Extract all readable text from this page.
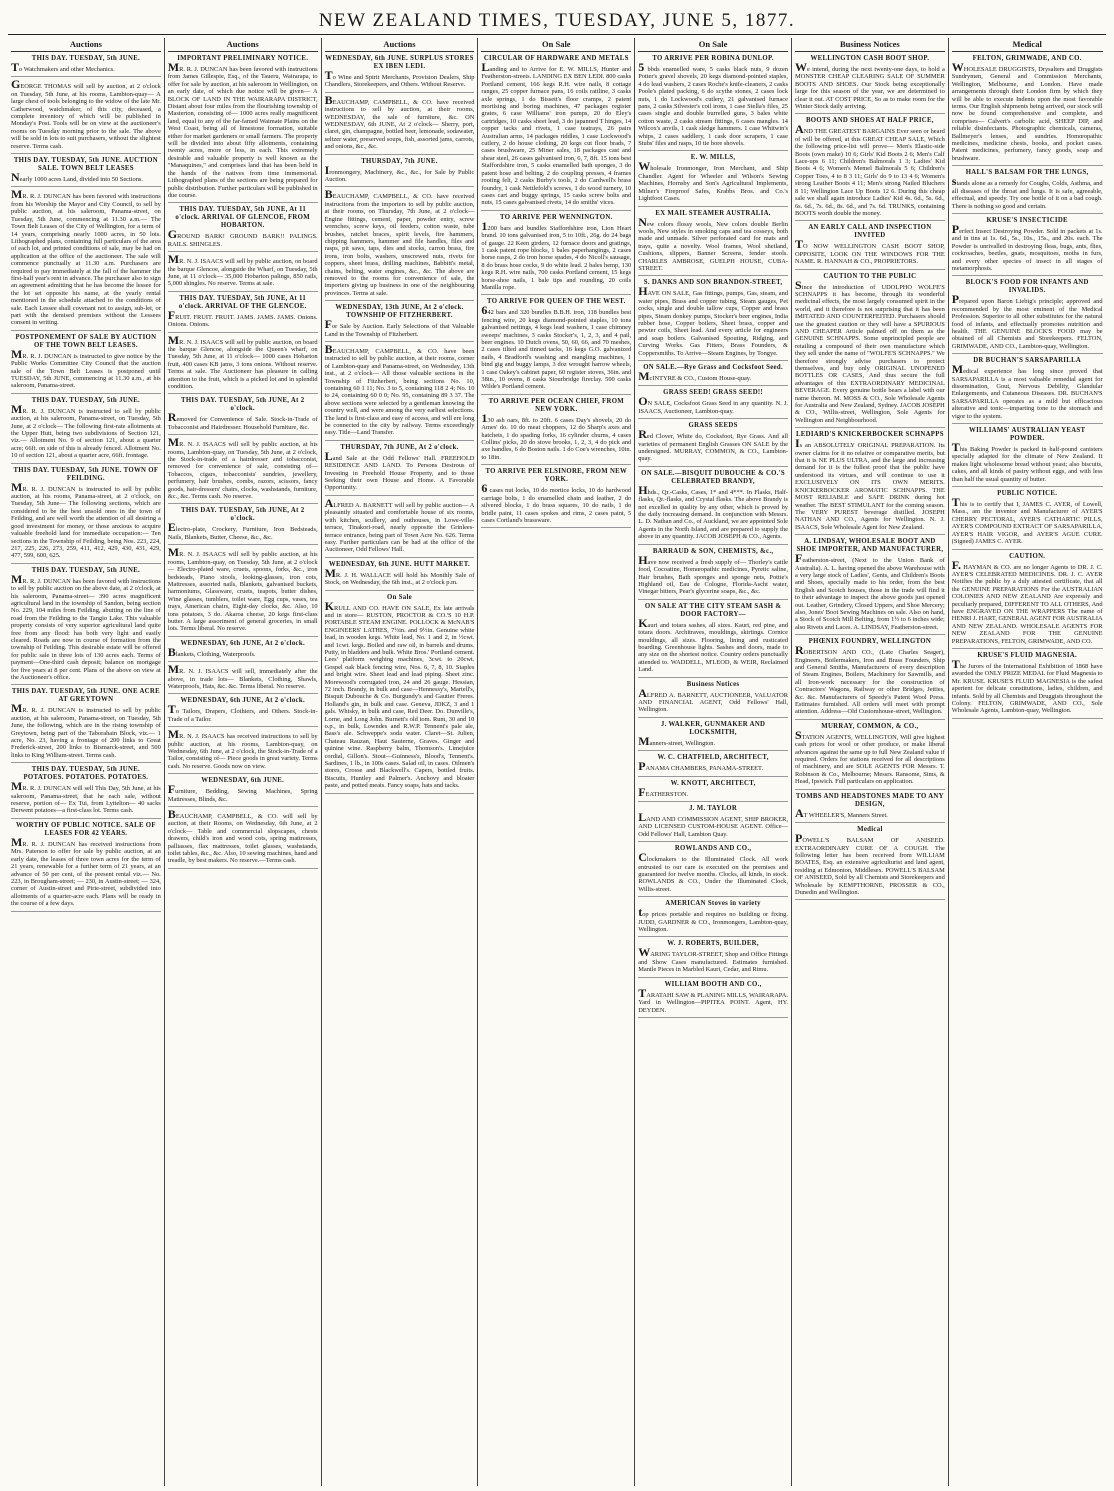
NEW ZEALAND TIMES, TUESDAY, JUNE 5, 1877.
Auctions
THIS DAY. TUESDAY, 5th JUNE.

To Watchmakers and other Mechanics.

GEORGE THOMAS will sell by auction, at 2 o'clock on Tuesday, 5th June, at his rooms, Lambton-quay— A large chest of tools belonging to the widow of the late Mr. Catherwood, watchmaker, of this city, deceased, a complete inventory of which will be published in Monday's Post. Tools will be on view at the auctioneer's rooms on Tuesday morning prior to the sale. The above will be sold in lots to suit purchasers, without the slightest reserve. Terms cash.

THIS DAY. TUESDAY, 5th JUNE. AUCTION SALE. TOWN BELT LEASES

Nearly 1000 acres Land, divided into 50 Sections.

MR. R. J. DUNCAN has been favored with instructions from his Worship the Mayor and City Council, to sell by public auction, at his saleroom, Panama-street, on Tuesday, 5th June, commencing at 11.30 a.m.— The Town Belt Leases of the City of Wellington, for a term of 14 years, comprising nearly 1000 acres, in 50 lots. Lithographed plans, containing full particulars of the area of each lot, and printed conditions of sale, may be had on application at the office of the auctioneer. The sale will commence punctually at 11.30 a.m. Purchasers are required to pay immediately at the fall of the hammer the first-half year's rent in advance. The purchaser also to sign an agreement admitting that he has become the lessee for the lot set opposite his name, at the yearly rental mentioned in the schedule attached to the conditions of sale. Each Lessee shall covenant not to assign, sub-let, or part with the demised premises without the Lessees consent in writing.

POSTPONEMENT OF SALE BY AUCTION OF THE TOWN BELT LEASES.

MR. R. J. DUNCAN is instructed to give notice by the Public Works Committee City Council that the auction sale of the Town Belt Leases is postponed until TUESDAY, 5th JUNE, commencing at 11.30 a.m., at his saleroom, Panama-street.

THIS DAY. TUESDAY, 5th JUNE.

MR. R. J. DUNCAN is instructed to sell by public auction, at his saleroom, Panama-street, on Tuesday, 5th June, at 2 o'clock— The following first-rate allotments at the Upper Hutt, being two subdivisions of Section 121, viz.— Allotment No. 9 of section 121, about a quarter acre; 66ft. on side of this is already fenced. Allotment No. 10 of section 121, about a quarter acre, 66ft. frontage.

THIS DAY. TUESDAY, 5th JUNE. TOWN OF FEILDING.

MR. R. J. DUNCAN is instructed to sell by public auction, at his rooms, Panama-street, at 2 o'clock, on Tuesday, 5th June— The following sections, which are considered to be the best unsold ones in the town of Feilding, and are well worth the attention of all desiring a good investment for money, or those anxious to acquire valuable freehold land for immediate occupation:— Ten sections in the Township of Feilding, being Nos. 223, 224, 217, 225, 226, 273, 259, 411, 412, 429, 430, 431, 429, 477, 599, 600, 625.

THIS DAY. TUESDAY, 5th JUNE.

MR. R. J. DUNCAN has been favored with instructions to sell by public auction on the above date, at 2 o'clock, at his saleroom, Panama-street— 390 acres magnificent agricultural land in the township of Sandon, being section No. 229, 104 miles from Feilding, abutting on the line of road from the Feilding to the Tangio Lake. This valuable property consists of very superior agricultural land quite free from any flood: has both very light and easily cleared. Roads are now in course of formation from the township of Feilding. This desirable estate will be offered for public sale in three lots of 130 acres each. Terms of payment—One-third cash deposit; balance on mortgage for five years at 8 per cent. Plans of the above on view at the Auctioneer's office.

THIS DAY. TUESDAY, 5th JUNE. ONE ACRE AT GREYTOWN

MR. R. J. DUNCAN is instructed to sell by public auction, at his saleroom, Panama-street, on Tuesday, 5th June, the following, which are in the rising township of Greytown, being part of the Taborahain Block, viz.— 1 acre, No. 23, having a frontage of 200 links to Great Frederick-street, 200 links to Bismarck-street, and 500 links to King William-street. Terms cash.

THIS DAY. TUESDAY, 5th JUNE. POTATOES. POTATOES. POTATOES.

MR. R. J. DUNCAN will sell This Day, 5th June, at his saleroom, Panama-street, that he each sale, without reserve, portion of— Ex Tui, from Lyttelton— 40 sacks Derwent potatoes—a first-class lot. Terms cash.

WORTHY OF PUBLIC NOTICE. SALE OF LEASES FOR 42 YEARS.

MR. R. J. DUNCAN has received instructions from Mrs. Paterson to offer for sale by public auction, at an early date, the leases of three town acres for the term of 21 years, renewable for a further term of 21 years, at an advance of 50 per cent, of the present rental viz.— No. 223, in Brougham-street; — 230, in Austin-street; — 324, corner of Austin-street and Pirie-street, subdivided into allotments of a quarter-acre each. Plans will be ready in the course of a few days.

Auctions
IMPORTANT PRELIMINARY NOTICE.

MR. R. J. DUNCAN has been favored with instructions from James Gillespie, Esq., of the Taueru, Wairarapa, to offer for sale by auction, at his saleroom in Wellington, on an early date, of which due notice will be given— A BLOCK OF LAND IN THE WAIRARAPA DISTRICT, Distant about four miles from the flourishing township of Masterton, consisting of— 1000 acres really magnificent land, equal to any of the far-famed Waimate Plains on the West Coast, being all of limestone formation, suitable either for market gardeners or small farmers. The property will be divided into about fifty allotments, containing twenty acres, more or less, in each. This extremely desirable and valuable property is well known as the "Manaquines," and comprises land that has been held in the hands of the natives from time immemorial. Lithographed plans of the sections are being prepared for public distribution. Further particulars will be published in due course.

THIS DAY. TUESDAY, 5th JUNE, At 11 o'clock. ARRIVAL OF GLENCOE, FROM HOBARTON.

GROUND BARK! GROUND BARK!! PALINGS. RAILS. SHINGLES.

MR. N. J. ISAACS will sell by public auction, on board the barque Glencoe, alongside the Wharf, on Tuesday, 5th June, at 11 o'clock— 35,000 Hobarton palings, 850 rails, 5,000 shingles. No reserve. Terms at sale.

THIS DAY. TUESDAY, 5th JUNE, At 11 o'clock. ARRIVAL OF THE GLENCOE.

FRUIT. FRUIT. FRUIT. JAMS. JAMS. JAMS. Onions. Onions. Onions.

MR. N. J. ISAACS will sell by public auction, on board the barque Glencoe, alongside the Queen's wharf, on Tuesday, 5th June, at 11 o'clock— 1000 cases Hobarton fruit, 400 cases KB jams, 3 tons onions. Without reserve. Terms at sale. The Auctioneer has pleasure in calling attention to the fruit, which is a picked lot and in splendid condition.

THIS DAY. TUESDAY, 5th JUNE, At 2 o'clock.

Removed for Convenience of Sale. Stock-in-Trade of Tobacconist and Hairdresser. Household Furniture, &c.

MR. N. J. ISAACS will sell by public auction, at his rooms, Lambton-quay, on Tuesday, 5th June, at 2 o'clock, the Stock-in-trade of a hairdresser and tobacconist, removed for convenience of sale, consisting of— Tobaccos, cigars, tobacconists' sundries, jewellery, perfumery, hair brushes, combs, razors, scissors, fancy goods, hair-dressers' chairs, clocks, washstands, furniture, &c., &c. Terms cash. No reserve.

THIS DAY. TUESDAY, 5th JUNE, At 2 o'clock.

Electro-plate, Crockery, Furniture, Iron Bedsteads, Nails, Blankets, Butter, Cheese, &c., &c.

MR. N. J. ISAACS will sell by public auction, at his rooms, Lambton-quay, on Tuesday, 5th June, at 2 o'clock— Electro-plated ware, cruets, spoons, forks, &c., iron bedsteads, Piano stools, looking-glasses, iron cots, Mattresses, assorted nails, Blankets, galvanised buckets, harmoniums, Glassware, cruets, teapots, butter dishes, Wine glasses, tumblers, toilet ware, Egg cups, vases, tea trays, American chairs, Eight-day clocks, &c. Also, 10 tons potatoes, 3 do. Akaroa cheese, 20 kegs first-class butter. A large assortment of general groceries, in small lots. Terms liberal. No reserve.

WEDNESDAY, 6th JUNE, At 2 o'clock.

Blankets, Clothing, Waterproofs.

MR. N. J. ISAACS will sell, immediately after the above, in trade lots— Blankets, Clothing, Shawls, Waterproofs, Hats, &c. &c. Terms liberal. No reserve.

WEDNESDAY, 6th JUNE, At 2 o'clock.

To Tailors, Drapers, Clothiers, and Others. Stock-in-Trade of a Tailor.

MR. N. J. ISAACS has received instructions to sell by public auction, at his rooms, Lambton-quay, on Wednesday, 6th June, at 2 o'clock, the Stock-in-Trade of a Tailor, consisting of— Piece goods in great variety. Terms cash. No reserve. Goods now on view.

WEDNESDAY, 6th JUNE.

Furniture, Bedding, Sewing Machines, Spring Mattresses, Blinds, &c.

BEAUCHAMP, CAMPBELL, & CO. will sell by auction, at their Rooms, on Wednesday, 6th June, at 2 o'clock— Table and commercial slopscapes, chests drawers, child's iron and wood cots, spring mattresses, palliasses, flax mattresses, toilet glasses, washstands, toilet tables, &c., &c. Also, 10 sewing machines, hand and treadle, by best makers. No reserve.—Terms cash.

Auctions
WEDNESDAY, 6th JUNE. SURPLUS STORES EX IBEN LEDI.

To Wine and Spirit Merchants, Provision Dealers, Ship Chandlers, Storekeepers, and Others. Without Reserve.

BEAUCHAMP, CAMPBELL, & CO. have received instructions to sell by auction, at their rooms, WEDNESDAY, the sale of furniture, &c. ON WEDNESDAY, 6th JUNE, At 2 o'clock— Sherry, port, claret, gin, champagne, bottled beer, lemonade, sodawater, seltzer water, preserved soups, fish, assorted jams, carrots, and onions, &c., &c.

THURSDAY, 7th JUNE.

Ironmongery, Machinery, &c., &c., for Sale by Public Auction.

BEAUCHAMP, CAMPBELL, & CO. have received instructions from the importers to sell by public auction, at their rooms, on Thursday, 7th June, at 2 o'clock— Engine fittings, cement, paper, powder entry, screw wrenches, screw keys, oil feeders, cotton waste, tube brushes, ratchet braces, spirit levels, fire hammers, chipping hammers, hammer and file handles, files and rasps, pit saws, taps, dies and stocks, carron brass, fire irons, iron bolts, washers, unscrewed nuts, rivets for coppers, sheet brass, drilling machines, Babbitt's metal, chains, belting, water engines, &c., &c. The above are removed to the rooms for convenience of sale, the importers giving up business in one of the neighbouring provinces. Terms at sale.

WEDNESDAY, 13th JUNE, At 2 o'clock. TOWNSHIP OF FITZHERBERT.

For Sale by Auction. Early Selections of that Valuable Land in the Township of Fitzherbert.

BEAUCHAMP, CAMPBELL, & CO. have been instructed to sell by public auction, at their rooms, corner of Lambton-quay and Panama-street, on Wednesday, 13th inst., at 2 o'clock— All those valuable sections in the Township of Fitzherbert, being sections No. 10, containing 60 1 11; No. 3 to 5, containing 118 2 4; No. 10 to 24, containing 60 0 0; No. 95, containing 89 3 37. The above sections were selected by a gentleman knowing the country well, and were among the very earliest selections. The land is first-class and easy of access, and will ere long be connected to the city by railway. Terms exceedingly easy. Title—Land Transfer.

THURSDAY, 7th JUNE, At 2 o'clock.

Land Sale at the Odd Fellows' Hall. FREEHOLD RESIDENCE AND LAND. To Persons Desirous of Investing in Freehold House Property, and to those Seeking their own House and Home. A Favorable Opportunity.

ALFRED A. BARNETT will sell by public auction— A pleasantly situated and comfortable house of six rooms, with kitchen, scullery, and outhouses, in Lowe-ville-terrace, Tinakori-road, nearly opposite the Grinlees-terrace entrance, being part of Town Acre No. 626. Terms easy. Further particulars can be had at the office of the Auctioneer, Odd Fellows' Hall.

WEDNESDAY, 6th JUNE. HUTT MARKET.

MR. J. H. WALLACE will hold his Monthly Sale of Stock, on Wednesday, the 6th inst., at 2 o'clock p.m.

On Sale

KRULL AND CO. HAVE ON SALE, Ex late arrivals and in store— RUSTON, PROCTOR & CO.'S 10 H.P. PORTABLE STEAM ENGINE. POLLOCK & McNAB'S ENGINEERS' LATHES, 7½in. and 9½in. Genuine white lead, in wooden kegs. White lead, No. 1 and 2, in ½cwt. and 1cwt. kegs. Boiled and raw oil, in barrels and drums. Putty, in bladders and bulk. White Bros.' Portland cement. Lees' platform weighing machines, 3cwt. to 20cwt. Gospel oak black fencing wire, Nos. 6, 7, 8, 10. Staples and bright wire. Sheet lead and lead piping. Sheet zinc. Morewood's corrugated iron, 24 and 26 gauge. Hessian, 72 inch. Brandy, in bulk and case—Hennessy's, Martell's, Bisquit Dubouche & Co. Burgundy's and Gautier Freres. Holland's gin, in bulk and case. Geneva, JDKZ, 3 and 1 gals. Whisky, in bulk and case, Red Deer. Do. Dunville's, Lorne, and Long John. Burnett's old tom. Rum, 30 and 10 o.p., in bulk, Lowndes and R.W.P. Tennent's pale ale, Bass's ale. Schweppe's soda water. Claret—St. Julien, Chateau Rauzan, Haut Sauterne, Graves. Ginger and quinine wine. Raspberry balm, Thomson's. Limejuice cordial, Gillon's. Stout—Guinness's, Blood's, Tennent's. Sardines, 1 lb., in 100s cases. Salad oil, in cases. Oilmen's stores, Crosse and Blackwell's. Capers, bottled fruits. Biscuits, Huntley and Palmer's. Anchovy and bloater paste, and potted meats. Fancy soaps, hats and tacks.

On Sale
CIRCULAR OF HARDWARE AND METALS

Landing and to Arrive for E. W. MILLS, Hunter and Featherston-streets. LANDING EX BEN LEDI. 800 casks Portland cement, 166 kegs R.H. wire nails, 8 cottage ranges, 25 copper furnace pans, 16 coils rattline, 3 casks axle springs, 1 do Bissett's floor cramps, 2 patent mortising and boring machines, 47 packages register grates, 6 case Williams' iron pumps, 20 do Eley's cartridges, 10 casks sheet lead, 3 do japanned T hinges, 14 copper tacks and rivets, 1 case teatrays, 26 pairs Australian arms, 14 packages riddles, 1 case Lockwood's cutlery, 2 do house clothing, 20 kegs cut floor brads, 7 cases brushware, 25 Miner sales, 18 packages cast and shear steel, 26 cases galvanised iron, 6, 7, 8ft. 15 tons best Staffordshire iron, 5 casks enamelled bath sponges, 3 do patent hose and belting, 2 do coupling presses, 4 frames rooting felt, 2 casks Burby's tools, 2 do Cardwell's brass foundry, 1 cask Nettlefold's screws, 1 do wood turnery, 10 cases cart and buggy springs, 15 casks screw bolts and nuts, 15 cases galvanised rivets, 14 do smiths' vices.

TO ARRIVE PER WENNINGTON.

1200 bars and bundles Staffordshire iron, Lion Heart brand. 10 tons galvanised iron, 5 to 10ft., 26g. do 24 bags of gauge. 22 Keen girders, 12 furnace doors and gratings, 1 cask patent rope blocks, 1 bales paperhangings, 2 cases horse rasps, 2 do iron horse spades, 4 do Nicoll's sausage, 8 do brass hose cocks, 9 do white lead. 2 bales hemp, 130 kegs R.H. wire nails, 700 casks Portland cement, 15 kegs horse-shoe nails, 1 bale tips and rounding, 20 coils Manilla rope.

TO ARRIVE FOR QUEEN OF THE WEST.

642 bars and 320 bundles B.B.H. iron, 118 bundles best fencing wire, 20 kegs diamond-pointed staples, 10 tons galvanised nettings, 4 kegs lead washers, 1 case chimney sweeps' machines, 3 casks Stocker's, 1, 2, 3, and 4 pail, beer engines. 10 Dutch ovens, 50, 60, 66, and 70 meshes, 2 cases tilted and tinned tacks, 16 kegs G.O. galvanized nails, 4 Bradford's washing and mangling machines, 1 bind gig and buggy lamps, 3 doz wrought harrow wheels, 1 case Oakey's cabinet paper, 60 register stoves, 36in. and 38in., 10 ovens, 8 casks Stourbridge fireclay. 500 casks Wilde's Portland cement.

TO ARRIVE PER OCEAN CHIEF, FROM NEW YORK.

130 ash oars, 8ft. to 20ft. 6 cases Day's shovels, 20 do Ames' do. 10 do meat choppers, 12 do Sharp's axes and hatchets, 1 do spading forks, 16 cylinder churns, 4 cases Collins' picks, 20 do stove brooks, 1, 2, 3, 4 do pick and axe handles, 6 do Boston nails. 1 do Coe's wrenches, 10in. to 18in.

TO ARRIVE PER ELSINORE, FROM NEW YORK.

6 cases nut locks, 10 do mortice locks, 10 do hardwood carriage bolts, 1 do enamelled chain and leather, 2 do silvered blocks, 1 do brass squares, 10 do nails, 1 do bridle paint, 11 cases spokes and rims, 2 cases paint, 5 cases Cortland's brassware.

On Sale
TO ARRIVE PER ROBINA DUNLOP.

5 bbds enamelled ware, 5 casks black nuts, 9 dozen Potter's gravel shovels, 20 kegs diamond-pointed staples, 4 do lead washers, 2 cases Roche's knife-cleaners, 2 casks Poole's plated packing, 6 do scythe stones, 2 cases lock nuts, 1 do Lockwood's cutlery, 21 galvanised furnace pans, 2 casks Silvester's coil irons, 1 case Stella's files, 25 cases single and double burrelled guns, 3 bales white cotton waste, 2 casks stream fittings, 6 cases mangles. 14 Wilcox's anvils, 1 cask sledge hammers. 1 case Whitwin's whips, 2 cases saddlery, 1 cask door scrapers, 1 case Stubs' files and rasps, 10 tie bore shovels.

E. W. MILLS,

Wholesale Ironmonger, Iron Merchant, and Ship Chandler. Agent for Wheeler and Wilson's Sewing Machines, Hornsby and Son's Agricultural Implements, Milner's Fireproof Safes, Krabbs Bros. and Co.'s Lightfoot Cases.

EX MAIL STEAMER AUSTRALIA.

New colors flossy wools, New colors double Berlin wools, New styles in smoking caps and tea cosseys, both made and unmade. Silver perforated card for mats and trays, quite a novelty. Wool frames, Wool shetland, Cushions, slippers, Banner Screens, fender stools. CHARLES AMBROSE, GUELPH HOUSE, CUBA-STREET.

S. DANKS AND SON BRANDON-STREET,

HAVE ON SALE, Gas fittings, pumps, Gas, steam, and water pipes, Brass and copper tubing, Steam gauges, Pet cocks, single and double tallow cups, Copper and brass pipes, Steam donkey pumps, Stocker's beer engines, India rubber hose, Copper boilers, Sheet brass, copper and pewter coils, Sheet lead. And every article for engineers and soap boilers. Galvanised Spouting, Ridging, and Curving Works. Gas Fitters, Brass Founders, & Coppersmiths. To Arrive—Steam Engines, by Tongye.

ON SALE.—Rye Grass and Cocksfoot Seed.

McINTYRE & CO., Custom House-quay.

GRASS SEED! GRASS SEED!!

ON SALE, Cocksfoot Grass Seed in any quantity. N. J. ISAACS, Auctioneer, Lambton-quay.

GRASS SEEDS

Red Clover, White do, Cocksfoot, Rye Grass. And all varieties of permanent English Grasses ON SALE by the undersigned. MURRAY, COMMON, & CO., Lambton-quay.

ON SALE.—BISQUIT DUBOUCHE & CO.'S CELEBRATED BRANDY,

Hhds., Qr.-Casks, Cases, 1* and 4***. In Flasks, Half-flasks, Qr.-flasks, and Crystal flasks. The above Brandy is not excelled in quality by any other, which is proved by the daily increasing demand. In conjunction with Messrs. L. D. Nathan and Co., of Auckland, we are appointed Sole Agents in the North Island, and are prepared to supply the above in any quantity. JACOB JOSEPH & CO., Agents.

BARRAUD & SON, CHEMISTS, &c.,

Have now received a fresh supply of— Thorley's cattle food, Cocoatine, Homœopathic medicines, Pyretic saline, Hair brushes, Bath sponges and sponge nets, Pottie's Highland oil, Eau de Cologne, Florida-Ascht water, Vinegar bitters, Pear's glycerine soaps, &c., &c.

ON SALE AT THE CITY STEAM SASH & DOOR FACTORY—

Kauri and totara sashes, all sizes. Kauri, red pine, and totara doors. Architraves, mouldings, skirtings. Cornice mouldings, all sizes. Flooring, lining and rusticated boarding. Greenhouse lights. Sashes and doors, made to any size on the shortest notice. Country orders punctually attended to. WADDELL, M'LEOD, & WEIR, Reclaimed Land.

Business Notices

ALFRED A. BARNETT, AUCTIONEER, VALUATOR AND FINANCIAL AGENT, Odd Fellows' Hall, Wellington.

J. WALKER, GUNMAKER AND LOCKSMITH,

Manners-street, Wellington.

W. C. CHATFIELD, ARCHITECT,

PANAMA CHAMBERS, PANAMA-STREET.

W. KNOTT, ARCHITECT,

FEATHERSTON.

J. M. TAYLOR

LAND AND COMMISSION AGENT, SHIP BROKER, AND LICENSED CUSTOM-HOUSE AGENT. Office—Odd Fellows' Hall, Lambton Quay.

ROWLANDS AND CO.,

Clockmakers to the Illuminated Clock. All work entrusted to our care is executed on the premises and guaranteed for twelve months. Clocks, all kinds, in stock. ROWLANDS & CO., Under the Illuminated Clock, Willis-street.

AMERICAN Stoves in variety

top prices portable and requires no building or fixing. JUDD, GARDNER & CO., Ironmongers, Lambton-quay, Wellington.

W. J. ROBERTS, BUILDER,

WARING TAYLOR-STREET, Shop and Office Fittings and Show Cases manufactured. Estimates furnished. Mantle Pieces in Marbled Kauri, Cedar, and Rimu.

WILLIAM BOOTH AND CO.,

TARATAHI SAW & PLANING MILLS, WAIRARAPA. Yard in Wellington—PIPITEA POINT. Agent, HY. DEYDEN.

Business Notices
WELLINGTON CASH BOOT SHOP.

We intend, during the next twenty-one days, to hold a MONSTER CHEAP CLEARING SALE OF SUMMER BOOTS AND SHOES. Our Stock being exceptionally large for this season of the year, we are determined to clear it out. AT COST PRICE, So as to make room for the Winter Stock daily arriving.

BOOTS AND SHOES AT HALF PRICE,

AND THE GREATEST BARGAINS Ever seen or heard of will be offered, at this GREAT CHEAP SALE, Which the following price-list will prove— Men's Elastic-side Boots (own make) 10 6; Girls' Kid Boots 2 6; Men's Calf Lace-ups 6 11; Children's Balmorals 1 3; Ladies' Kid Boots 4 6; Women's Memel Balmorals 5 6; Children's Copper Toes, 4 to 8 3 11; Girls' do 9 to 13 4 6; Women's strong Leather Boots 4 11; Men's strong Nailed Bluchers 8 11; Wellington Lace Up Boots 12 6. During this cheap sale we shall again introduce Ladies' Kid 4s. 6d., 5s. 6d., 6s. 6d., 7s. 6d., 8s. 6d., and 7s. 6d. TRUNKS, containing BOOTS worth double the money.

AN EARLY CALL AND INSPECTION INVITED

TO NOW WELLINGTON CASH BOOT SHOP, OPPOSITE, LOOK ON THE WINDOWS FOR THE NAME. R. HANNAH & CO., PROPRIETORS.

CAUTION TO THE PUBLIC

Since the introduction of UDOLPHO WOLFE'S SCHNAPPS it has become, through its wonderful medicinal effects, the most largely consumed spirit in the world, and it therefore is not surprising that it has been IMITATED AND COUNTERFEITED. Purchasers should use the greatest caution or they will have a SPURIOUS AND CHEAPER Article palmed off on them as the GENUINE SCHNAPPS. Some unprincipled people are retailing a compound of their own manufacture which they sell under the name of "WOLFE'S SCHNAPPS." We therefore strongly advise purchasers to protect themselves, and buy only ORIGINAL UNOPENED BOTTLES OR CASES, And thus secure the full advantages of this EXTRAORDINARY MEDICINAL BEVERAGE. Every genuine bottle bears a label with our name thereon. M. MOSS & CO., Sole Wholesale Agents for Australia and New Zealand, Sydney. JACOB JOSEPH & CO., Willis-street, Wellington, Sole Agents for Wellington and Neighbourhood.

LEDIARD'S KNICKERBOCKER SCHNAPPS

Is an ABSOLUTELY ORIGINAL PREPARATION. Its owner claims for it no relative or comparative merits, but that it is NE PLUS ULTRA, and the large and increasing demand for it is the fullest proof that the public have understood its virtues, and will continue to use it EXCLUSIVELY ON ITS OWN MERITS. KNICKERBOCKER AROMATIC SCHNAPPS. THE MOST RELIABLE and SAFE DRINK during hot weather. The BEST STIMULANT for the coming season. The VERY PUREST beverage distilled. JOSEPH NATHAN AND CO., Agents for Wellington. N. J. ISAACS, Sole Wholesale Agent for New Zealand.

A. LINDSAY, WHOLESALE BOOT AND SHOE IMPORTER, AND MANUFACTURER,

Featherston-street, (Next to the Union Bank of Australia). A. L. having opened the above Warehouse with a very large stock of Ladies', Gents, and Children's Boots and Shoes, specially made to his order, from the best English and Scotch houses, those in the trade will find it to their advantage to inspect the above goods just opened out. Leather, Grindery, Closed Uppers, and Shoe Mercery; also, Jones' Boot Sewing Machines on sale. Also on hand, a Stock of Scotch Mill Belting, from 1½ to 6 inches wide; also Rivets and Laces. A. LINDSAY, Featherston-street.

PHŒNIX FOUNDRY, WELLINGTON

ROBERTSON AND CO., (Late Charles Seager), Engineers, Boilermakers, Iron and Brass Founders, Ship and General Smiths, Manufacturers of every description of Steam Engines, Boilers, Machinery for Sawmills, and all Iron-work necessary for the construction of Contractors' Wagons, Railway or other Bridges, Jetties, &c. &c. Manufacturers of Speedy's Patent Wool Press. Estimates furnished. All orders will meet with prompt attention. Address—Old Customhouse-street, Wellington.

MURRAY, COMMON, & CO.,

STATION AGENTS, WELLINGTON, Will give highest cash prices for wool or other produce, or make liberal advances against the same up to full New Zealand value if required. Orders for stations received for all descriptions of machinery, and are SOLE AGENTS FOR Messrs. T. Robinson & Co., Melbourne; Messrs. Ransome, Sims, & Head, Ipswich. Full particulars on application.

TOMBS AND HEADSTONES MADE TO ANY DESIGN,

AT WHEELER'S, Manners Street.

Medical

POWELL'S BALSAM OF ANISEED. EXTRAORDINARY CURE OF A COUGH. The following letter has been received from WILLIAM BOATES, Esq. an extensive agriculturist and land agent, residing at Edmonton, Middlesex. POWELL'S BALSAM OF ANISEED, Sold by all Chemists and Storekeepers and Wholesale by KEMPTHORNE, PROSSER & CO., Dunedin and Wellington.

Medical
FELTON, GRIMWADE, AND CO.

WHOLESALE DRUGGISTS, Drysalters and Druggists Sundrymen, General and Commission Merchants, Wellington, Melbourne, and London. Have made arrangements through their London firm by which they will be able to execute Indents upon the most favorable terms. Our English shipments being arrived, our stock will now be found comprehensive and complete, and comprises— Calvert's carbolic acid, SHEEP DIP, and reliable disinfectants. Photographic chemicals, cameras, Ballmeyer's lenses, and sundries. Homœopathic medicines, medicine chests, books, and pocket cases. Patent medicines, perfumery, fancy goods, soap and brushware.

HALL'S BALSAM FOR THE LUNGS,

stands alone as a remedy for Coughs, Colds, Asthma, and all diseases of the throat and lungs. It is safe, agreeable, effectual, and speedy. Try one bottle of it on a bad cough. There is nothing so good and certain.

KRUSE'S INSECTICIDE

Perfect Insect Destroying Powder. Sold in packets at 1s. and in tins at 1s. 6d., 5s., 10s., 15s., and 20s. each. The Powder is unrivalled in destroying fleas, bugs, ants, flies, cockroaches, beetles, gnats, mosquitoes, moths in furs, and every other species of insect in all stages of metamorphosis.

BLOCK'S FOOD FOR INFANTS AND INVALIDS.

Prepared upon Baron Liebig's principle; approved and recommended by the most eminent of the Medical Profession. Superior to all other substitutes for the natural food of infants, and effectually promotes nutrition and health. THE GENUINE BLOCK'S FOOD may be obtained of all Chemists and Storekeepers. FELTON, GRIMWADE, AND CO., Lambton-quay, Wellington.

DR BUCHAN'S SARSAPARILLA

Medical experience has long since proved that SARSAPARILLA is a most valuable remedial agent for dissemination, Gout, Nervous Debility, Glandular Enlargements, and Cutaneous Diseases. DR. BUCHAN'S SARSAPARILLA operates as a mild but efficacious alterative and tonic—imparting tone to the stomach and vigor to the system.

WILLIAMS' AUSTRALIAN YEAST POWDER.

This Baking Powder is packed in half-pound canisters specially adapted for the climate of New Zealand. It makes light wholesome bread without yeast; also biscuits, cakes, and all kinds of pastry without eggs, and with less than half the usual quantity of butter.

PUBLIC NOTICE.

This is to certify that I, JAMES C. AYER, of Lowell, Mass., am the inventor and Manufacturer of AYER'S CHERRY PECTORAL, AYER'S CATHARTIC PILLS, AYER'S COMPOUND EXTRACT OF SARSAPARILLA, AYER'S HAIR VIGOR, and AYER'S AGUE CURE. (Signed) JAMES C. AYER.

CAUTION.

F. HAYMAN & CO. are no longer Agents to DR. J. C. AYER'S CELEBRATED MEDICINES. DR. J. C. AYER Notifies the public by a duly attested certificate, that all the GENUINE PREPARATIONS For the AUSTRALIAN COLONIES AND NEW ZEALAND Are expressly and peculiarly prepared, DIFFERENT TO ALL OTHERS, And have ENGRAVED ON THE WRAPPERS The name of HENRI J. HART, GENERAL AGENT FOR AUSTRALIA AND NEW ZEALAND. WHOLESALE AGENTS FOR NEW ZEALAND FOR THE GENUINE PREPARATIONS, FELTON, GRIMWADE, AND CO.

KRUSE'S FLUID MAGNESIA.

The Jurors of the International Exhibition of 1868 have awarded the ONLY PRIZE MEDAL for Fluid Magnesia to Mr. KRUSE. KRUSE'S FLUID MAGNESIA is the safest aperient for delicate constitutions, ladies, children, and infants. Sold by all Chemists and Druggists throughout the Colony. FELTON, GRIMWADE, AND CO., Sole Wholesale Agents, Lambton-quay, Wellington.
